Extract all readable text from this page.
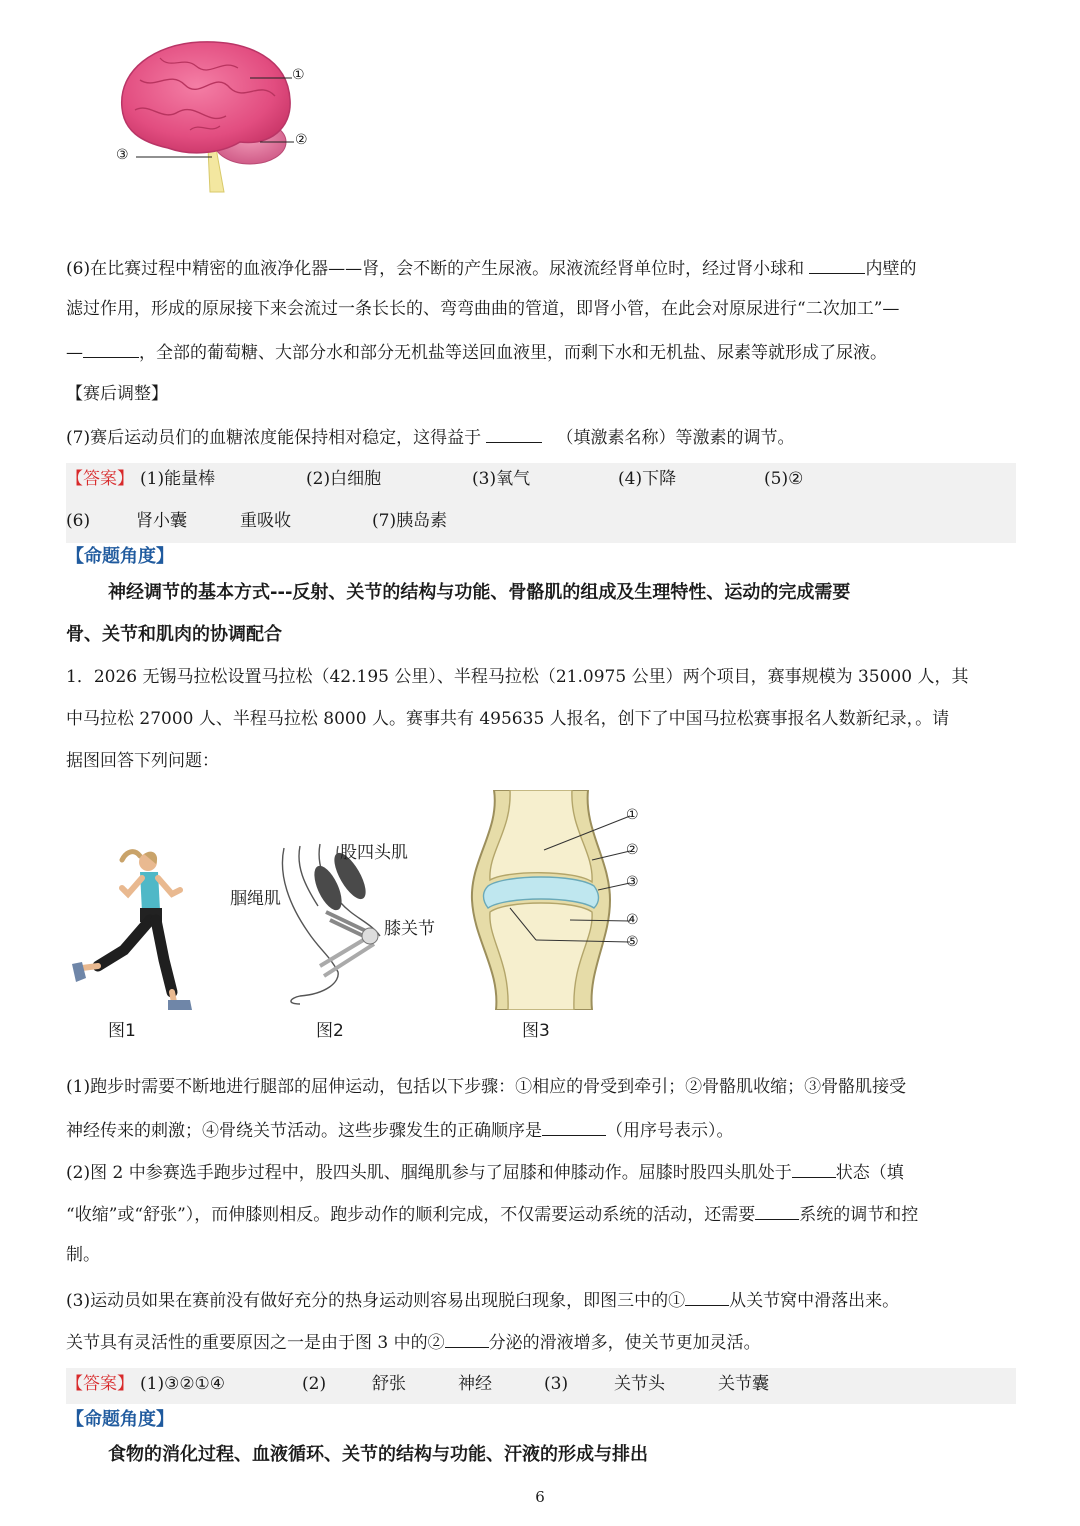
①
②
③
(6)在比赛过程中精密的血液净化器——肾，会不断的产生尿液。尿液流经肾单位时，经过肾小球和	内壁的
滤过作用，形成的原尿接下来会流过一条长长的、弯弯曲曲的管道，即肾小管，在此会对原尿进行“二次加工”—
—	，全部的葡萄糖、大部分水和部分无机盐等送回血液里，而剩下水和无机盐、尿素等就形成了尿液。
【赛后调整】
(7)赛后运动员们的血糖浓度能保持相对稳定，这得益于	（填激素名称）等激素的调节。
【答案】 (1)能量棒	(2)白细胞	(3)氧气	(4)下降	(5)②
(6)	肾小囊	重吸收	(7)胰岛素
【命题角度】
神经调节的基本方式---反射、关节的结构与功能、骨骼肌的组成及生理特性、运动的完成需要
骨、关节和肌肉的协调配合
1．2026 无锡马拉松设置马拉松（42.195 公里）、半程马拉松（21.0975 公里）两个项目，赛事规模为 35000 人，其
中马拉松 27000 人、半程马拉松 8000 人。赛事共有 495635 人报名，创下了中国马拉松赛事报名人数新纪录，。请
据图回答下列问题：
图1
股四头肌
腘绳肌
膝关节
图2
①
②
③
④
⑤
图3
(1)跑步时需要不断地进行腿部的屈伸运动，包括以下步骤：①相应的骨受到牵引；②骨骼肌收缩；③骨骼肌接受
神经传来的刺激；④骨绕关节活动。这些步骤发生的正确顺序是	（用序号表示）。
(2)图 2 中参赛选手跑步过程中，股四头肌、腘绳肌参与了屈膝和伸膝动作。屈膝时股四头肌处于	状态（填
“收缩”或“舒张”），而伸膝则相反。跑步动作的顺利完成，不仅需要运动系统的活动，还需要	系统的调节和控
制。
(3)运动员如果在赛前没有做好充分的热身运动则容易出现脱臼现象，即图三中的①	从关节窝中滑落出来。
关节具有灵活性的重要原因之一是由于图 3 中的②	分泌的滑液增多，使关节更加灵活。
【答案】 (1)③②①④	(2)	舒张	神经	(3)	关节头	关节囊
【命题角度】
食物的消化过程、血液循环、关节的结构与功能、汗液的形成与排出
6
